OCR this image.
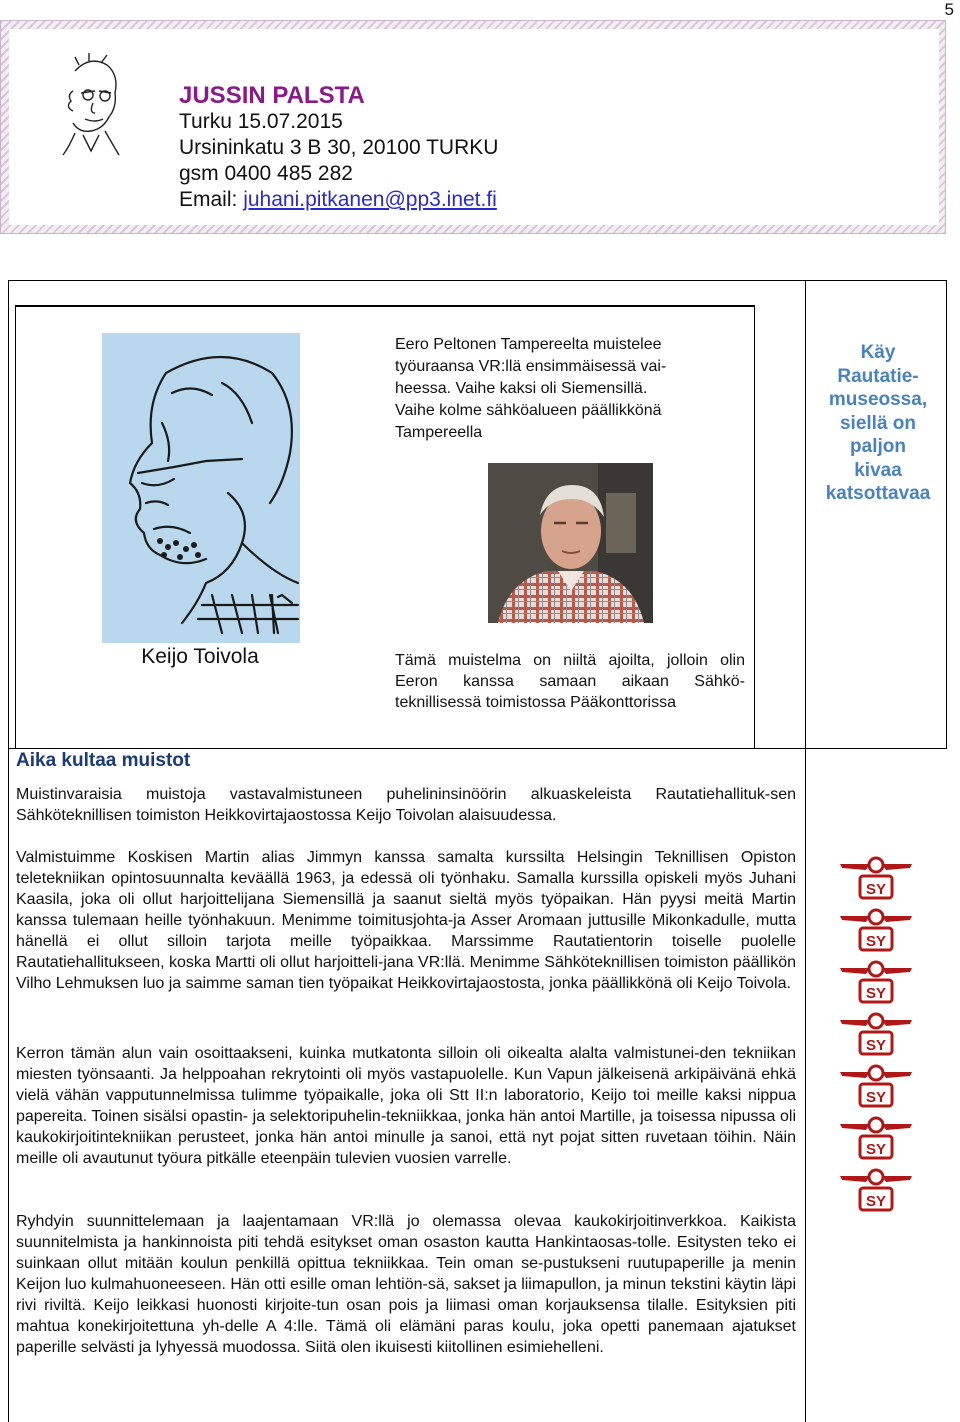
5
JUSSIN PALSTA
Turku 15.07.2015
Ursininkatu 3 B 30, 20100 TURKU
gsm 0400 485 282
Email: juhani.pitkanen@pp3.inet.fi
Keijo Toivola
Eero Peltonen Tampereelta muistelee
työuraansa VR:llä ensimmäisessä vai-
heessa. Vaihe kaksi oli Siemensillä.
Vaihe kolme sähköalueen päällikkönä
Tampereella
Tämä muistelma on niiltä ajoilta, jolloin olin Eeron kanssa samaan aikaan Sähkö-teknillisessä toimistossa Pääkonttorissa
Käy
Rautatie-
museossa,
siellä on
paljon
kivaa
katsottavaa
Aika kultaa muistot
Muistinvaraisia muistoja vastavalmistuneen puhelininsinöörin alkuaskeleista Rautatiehallituk-sen Sähköteknillisen toimiston Heikkovirtajaostossa Keijo Toivolan alaisuudessa.
Valmistuimme Koskisen Martin alias Jimmyn kanssa samalta kurssilta Helsingin Teknillisen Opiston teletekniikan opintosuunnalta keväällä 1963, ja edessä oli työnhaku. Samalla kurssilla opiskeli myös Juhani Kaasila, joka oli ollut harjoittelijana Siemensillä ja saanut sieltä myös työpaikan. Hän pyysi meitä Martin kanssa tulemaan heille työnhakuun. Menimme toimitusjohta-ja Asser Aromaan juttusille Mikonkadulle, mutta hänellä ei ollut silloin tarjota meille työpaikkaa. Marssimme Rautatientorin toiselle puolelle Rautatiehallitukseen, koska Martti oli ollut harjoitteli-jana VR:llä. Menimme Sähköteknillisen toimiston päällikön Vilho Lehmuksen luo ja saimme saman tien työpaikat Heikkovirtajaostosta, jonka päällikkönä oli Keijo Toivola.
Kerron tämän alun vain osoittaakseni, kuinka mutkatonta silloin oli oikealta alalta valmistunei-den tekniikan miesten työnsaanti. Ja helppoahan rekrytointi oli myös vastapuolelle. Kun Vapun jälkeisenä arkipäivänä ehkä vielä vähän vapputunnelmissa tulimme työpaikalle, joka oli Stt II:n laboratorio, Keijo toi meille kaksi nippua papereita. Toinen sisälsi opastin- ja selektoripuhelin-tekniikkaa, jonka hän antoi Martille, ja toisessa nipussa oli kaukokirjoitintekniikan perusteet, jonka hän antoi minulle ja sanoi, että nyt pojat sitten ruvetaan töihin. Näin meille oli avautunut työura pitkälle eteenpäin tulevien vuosien varrelle.
Ryhdyin suunnittelemaan ja laajentamaan VR:llä jo olemassa olevaa kaukokirjoitinverkkoa. Kaikista suunnitelmista ja hankinnoista piti tehdä esitykset oman osaston kautta Hankintaosas-tolle. Esitysten teko ei suinkaan ollut mitään koulun penkillä opittua tekniikkaa. Tein oman se-pustukseni ruutupaperille ja menin Keijon luo kulmahuoneeseen. Hän otti esille oman lehtiön-sä, sakset ja liimapullon, ja minun tekstini käytin läpi rivi riviltä. Keijo leikkasi huonosti kirjoite-tun osan pois ja liimasi oman korjauksensa tilalle. Esityksien piti mahtua konekirjoitettuna yh-delle A 4:lle. Tämä oli elämäni paras koulu, joka opetti panemaan ajatukset paperille selvästi ja lyhyessä muodossa. Siitä olen ikuisesti kiitollinen esimiehelleni.
SY
SY
SY
SY
SY
SY
SY
